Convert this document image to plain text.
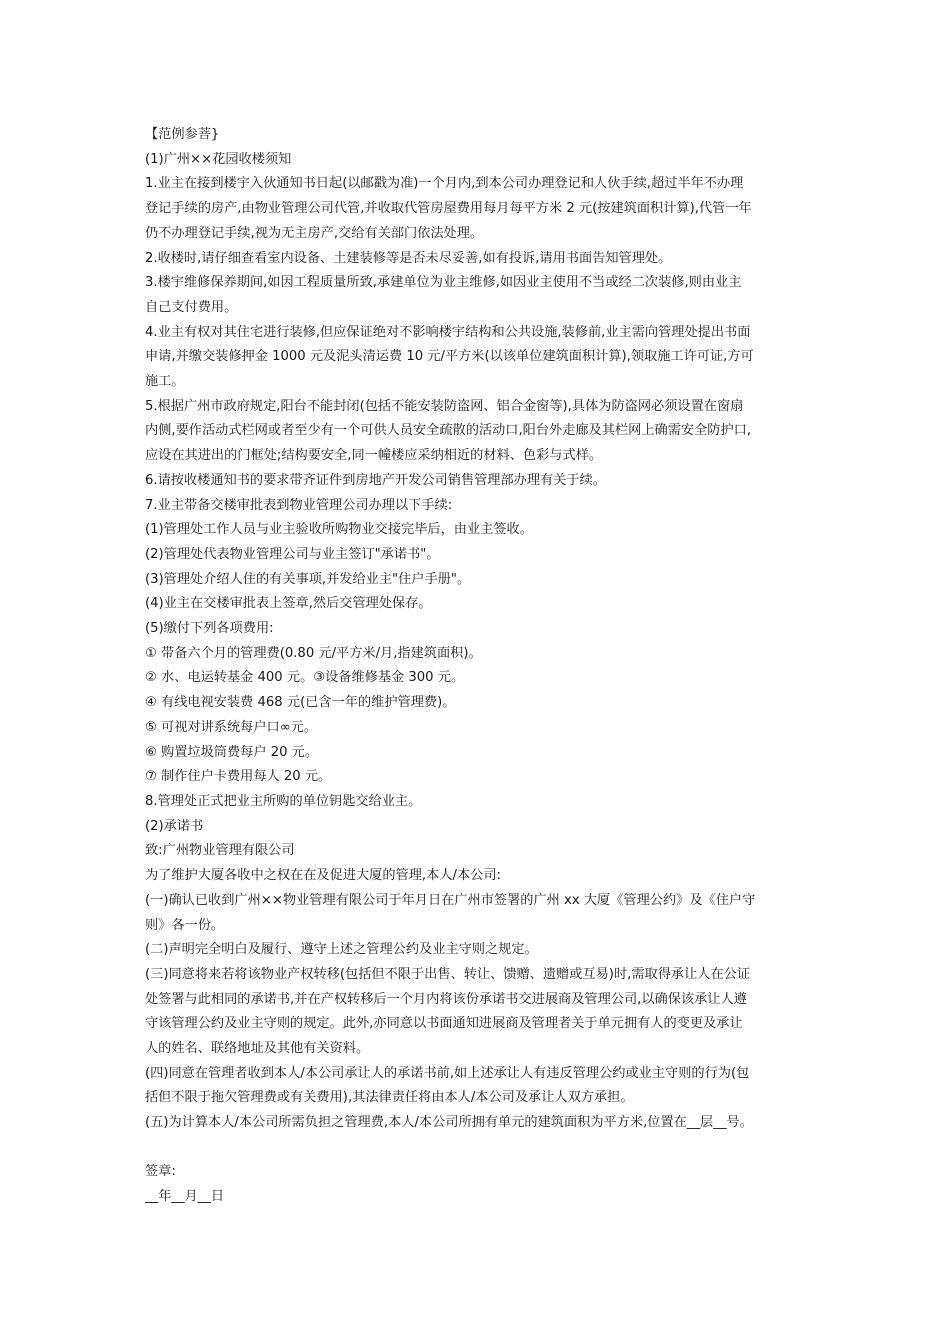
【范例参菩}
(1)广州××花园收楼须知
1.业主在接到楼宇入伙通知书日起(以邮戳为准)一个月内,到本公司办理登记和人伙手续,超过半年不办理
登记手续的房产,由物业管理公司代管,并收取代管房屋费用每月每平方米 2 元(按建筑面积计算),代管一年
仍不办理登记手续,视为无主房产,交给有关部门依法处理。
2.收楼时,请仔细查看室内设备、土建装修等是否未尽妥善,如有投诉,请用书面告知管理处。
3.楼宇维修保养期间,如因工程质量所致,承建单位为业主维修,如因业主使用不当或经二次装修,则由业主
自己支付费用。
4.业主有权对其住宅进行装修,但应保证绝对不影响楼宇结构和公共设施,装修前,业主需向管理处提出书面
申请,并缴交装修押金 1000 元及泥头清运费 10 元/平方米(以该单位建筑面积计算),领取施工许可证,方可
施工。
5.根据广州市政府规定,阳台不能封闭(包括不能安装防盗网、铝合金窗等),具体为防盗网必须设置在窗扇
内侧,要作活动式栏网或者至少有一个可供人员安全疏散的活动口,阳台外走廊及其栏网上确需安全防护口,
应设在其进出的门框处;结构要安全,同一幢楼应采纳相近的材料、色彩与式样。
6.请按收楼通知书的要求带齐证件到房地产开发公司销售管理部办理有关于续。
7.业主带备交楼审批表到物业管理公司办理以下手续:
(1)管理处工作人员与业主验收所购物业交接完毕后，由业主签收。
(2)管理处代表物业管理公司与业主签订"承诺书"。
(3)管理处介绍人住的有关事项,并发给业主"住户手册"。
(4)业主在交楼审批表上签章,然后交管理处保存。
(5)缴付下列各项费用:
① 带备六个月的管理费(0.80 元/平方米/月,指建筑面积)。
② 水、电运转基金 400 元。③设备维修基金 300 元。
④ 有线电视安装费 468 元(已含一年的维护管理费)。
⑤ 可视对讲系统每户口∞元。
⑥ 购置垃圾筒费每户 20 元。
⑦ 制作住户卡费用每人 20 元。
8.管理处正式把业主所购的单位钥匙交给业主。
(2)承诺书
致:广州物业管理有限公司
为了维护大厦各收中之权在在及促进大厦的管理,本人/本公司:
(一)确认已收到广州××物业管理有限公司于年月日在广州市签署的广州 xx 大厦《管理公约》及《住户守
则》各一份。
(二)声明完全明白及履行、遵守上述之管理公约及业主守则之规定。
(三)同意将来若将该物业产权转移(包括但不限于出售、转让、馈赠、遗赠或互易)时,需取得承让人在公证
处签署与此相同的承诺书,并在产权转移后一个月内将该份承诺书交进展商及管理公司,以确保该承让人遵
守该管理公约及业主守则的规定。此外,亦同意以书面通知进展商及管理者关于单元拥有人的变更及承让
人的姓名、联络地址及其他有关资料。
(四)同意在管理者收到本人/本公司承让人的承诺书前,如上述承让人有违反管理公约或业主守则的行为(包
括但不限于拖欠管理费或有关费用),其法律责任将由本人/本公司及承让人双方承担。
(五)为计算本人/本公司所需负担之管理费,本人/本公司所拥有单元的建筑面积为平方米,位置在__层__号。
签章:
__年__月__日
